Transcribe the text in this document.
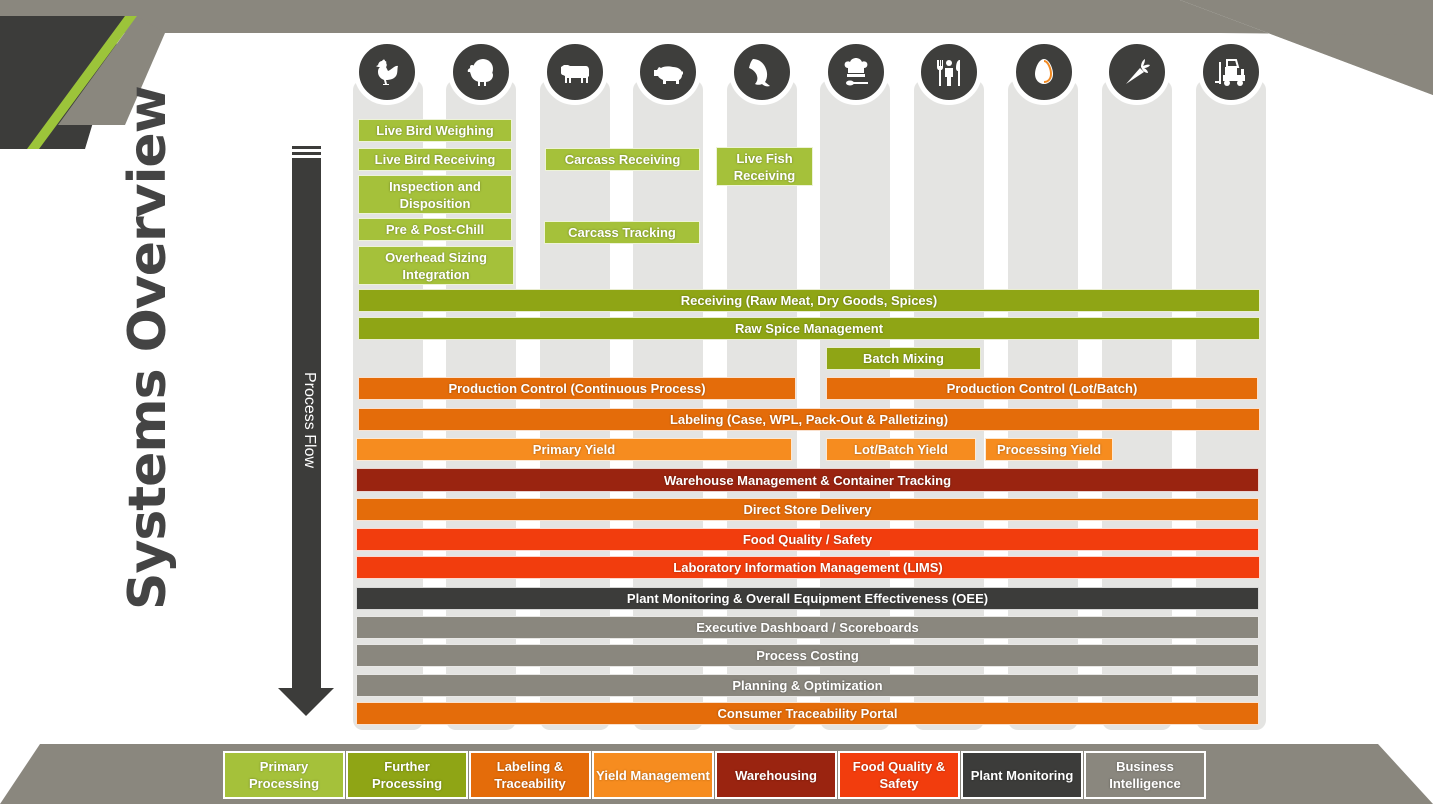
Systems Overview	Process Flow
Live Bird Weighing
Live Bird Receiving
Inspection and Disposition
Pre & Post-Chill
Overhead Sizing Integration
Carcass Receiving
Carcass Tracking
Live Fish Receiving
Receiving (Raw Meat, Dry Goods, Spices)
Raw Spice Management
Batch Mixing
Production Control (Continuous Process)	Production Control (Lot/Batch)
Labeling (Case, WPL, Pack-Out & Palletizing)
Primary Yield	Lot/Batch Yield	Processing Yield
Warehouse Management & Container Tracking
Direct Store Delivery
Food Quality / Safety
Laboratory Information Management (LIMS)
Plant Monitoring & Overall Equipment Effectiveness (OEE)
Executive Dashboard / Scoreboards
Process Costing
Planning & Optimization
Consumer Traceability Portal
Primary Processing
Further Processing
Labeling & Traceability
Yield Management	Warehousing
Food Quality & Safety
Plant Monitoring
Business Intelligence
